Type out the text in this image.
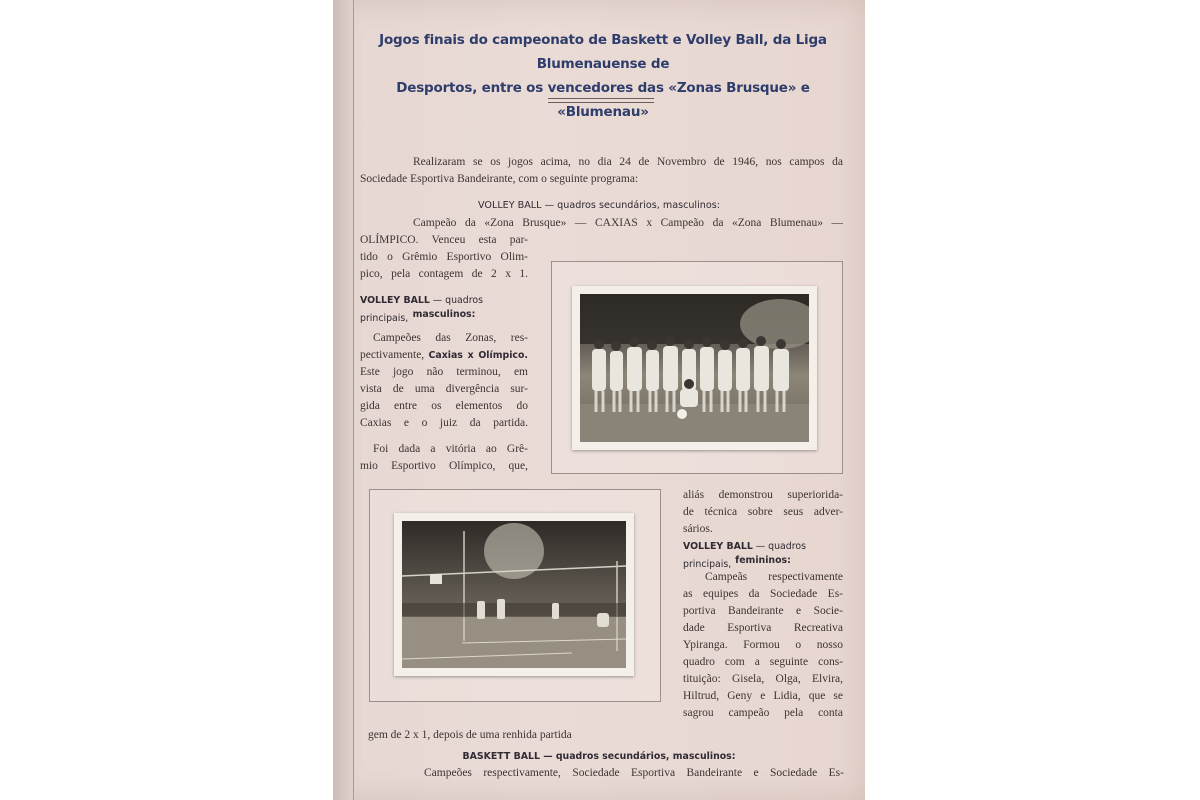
Jogos finais do campeonato de Baskett e Volley Ball, da Liga Blumenauense de
Desportos, entre os vencedores das «Zonas Brusque» e «Blumenau»
Realizaram se os jogos acima, no dia 24 de Novembro de 1946, nos campos da
Sociedade Esportiva Bandeirante, com o seguinte programa:
VOLLEY BALL — quadros secundários, masculinos:
Campeão da «Zona Brusque» — CAXIAS x Campeão da «Zona Blumenau» —
OLÍMPICO. Venceu esta par-
tido o Grêmio Esportivo Olim-
pico, pela contagem de 2 x 1.
VOLLEY BALL — quadros principais, masculinos:
Campeões das Zonas, res-
pectivamente, Caxias x Olímpico.
Este jogo não terminou, em
vista de uma divergência sur-
gida entre os elementos do
Caxias e o juiz da partida.
Foi dada a vitória ao Grê-
mio Esportivo Olímpico, que,
aliás demonstrou superiorida-
de técnica sobre seus adver-
sários.
VOLLEY BALL — quadros principais, femininos:
Campeãs respectivamente
as equipes da Sociedade Es-
portiva Bandeirante e Socie-
dade Esportiva Recreativa
Ypiranga. Formou o nosso
quadro com a seguinte cons-
tituição: Gisela, Olga, Elvira,
Hiltrud, Geny e Lidia, que se
sagrou campeão pela conta
gem de 2 x 1, depois de uma renhida partida
BASKETT BALL — quadros secundários, masculinos:
Campeões respectivamente, Sociedade Esportiva Bandeirante e Sociedade Es-
